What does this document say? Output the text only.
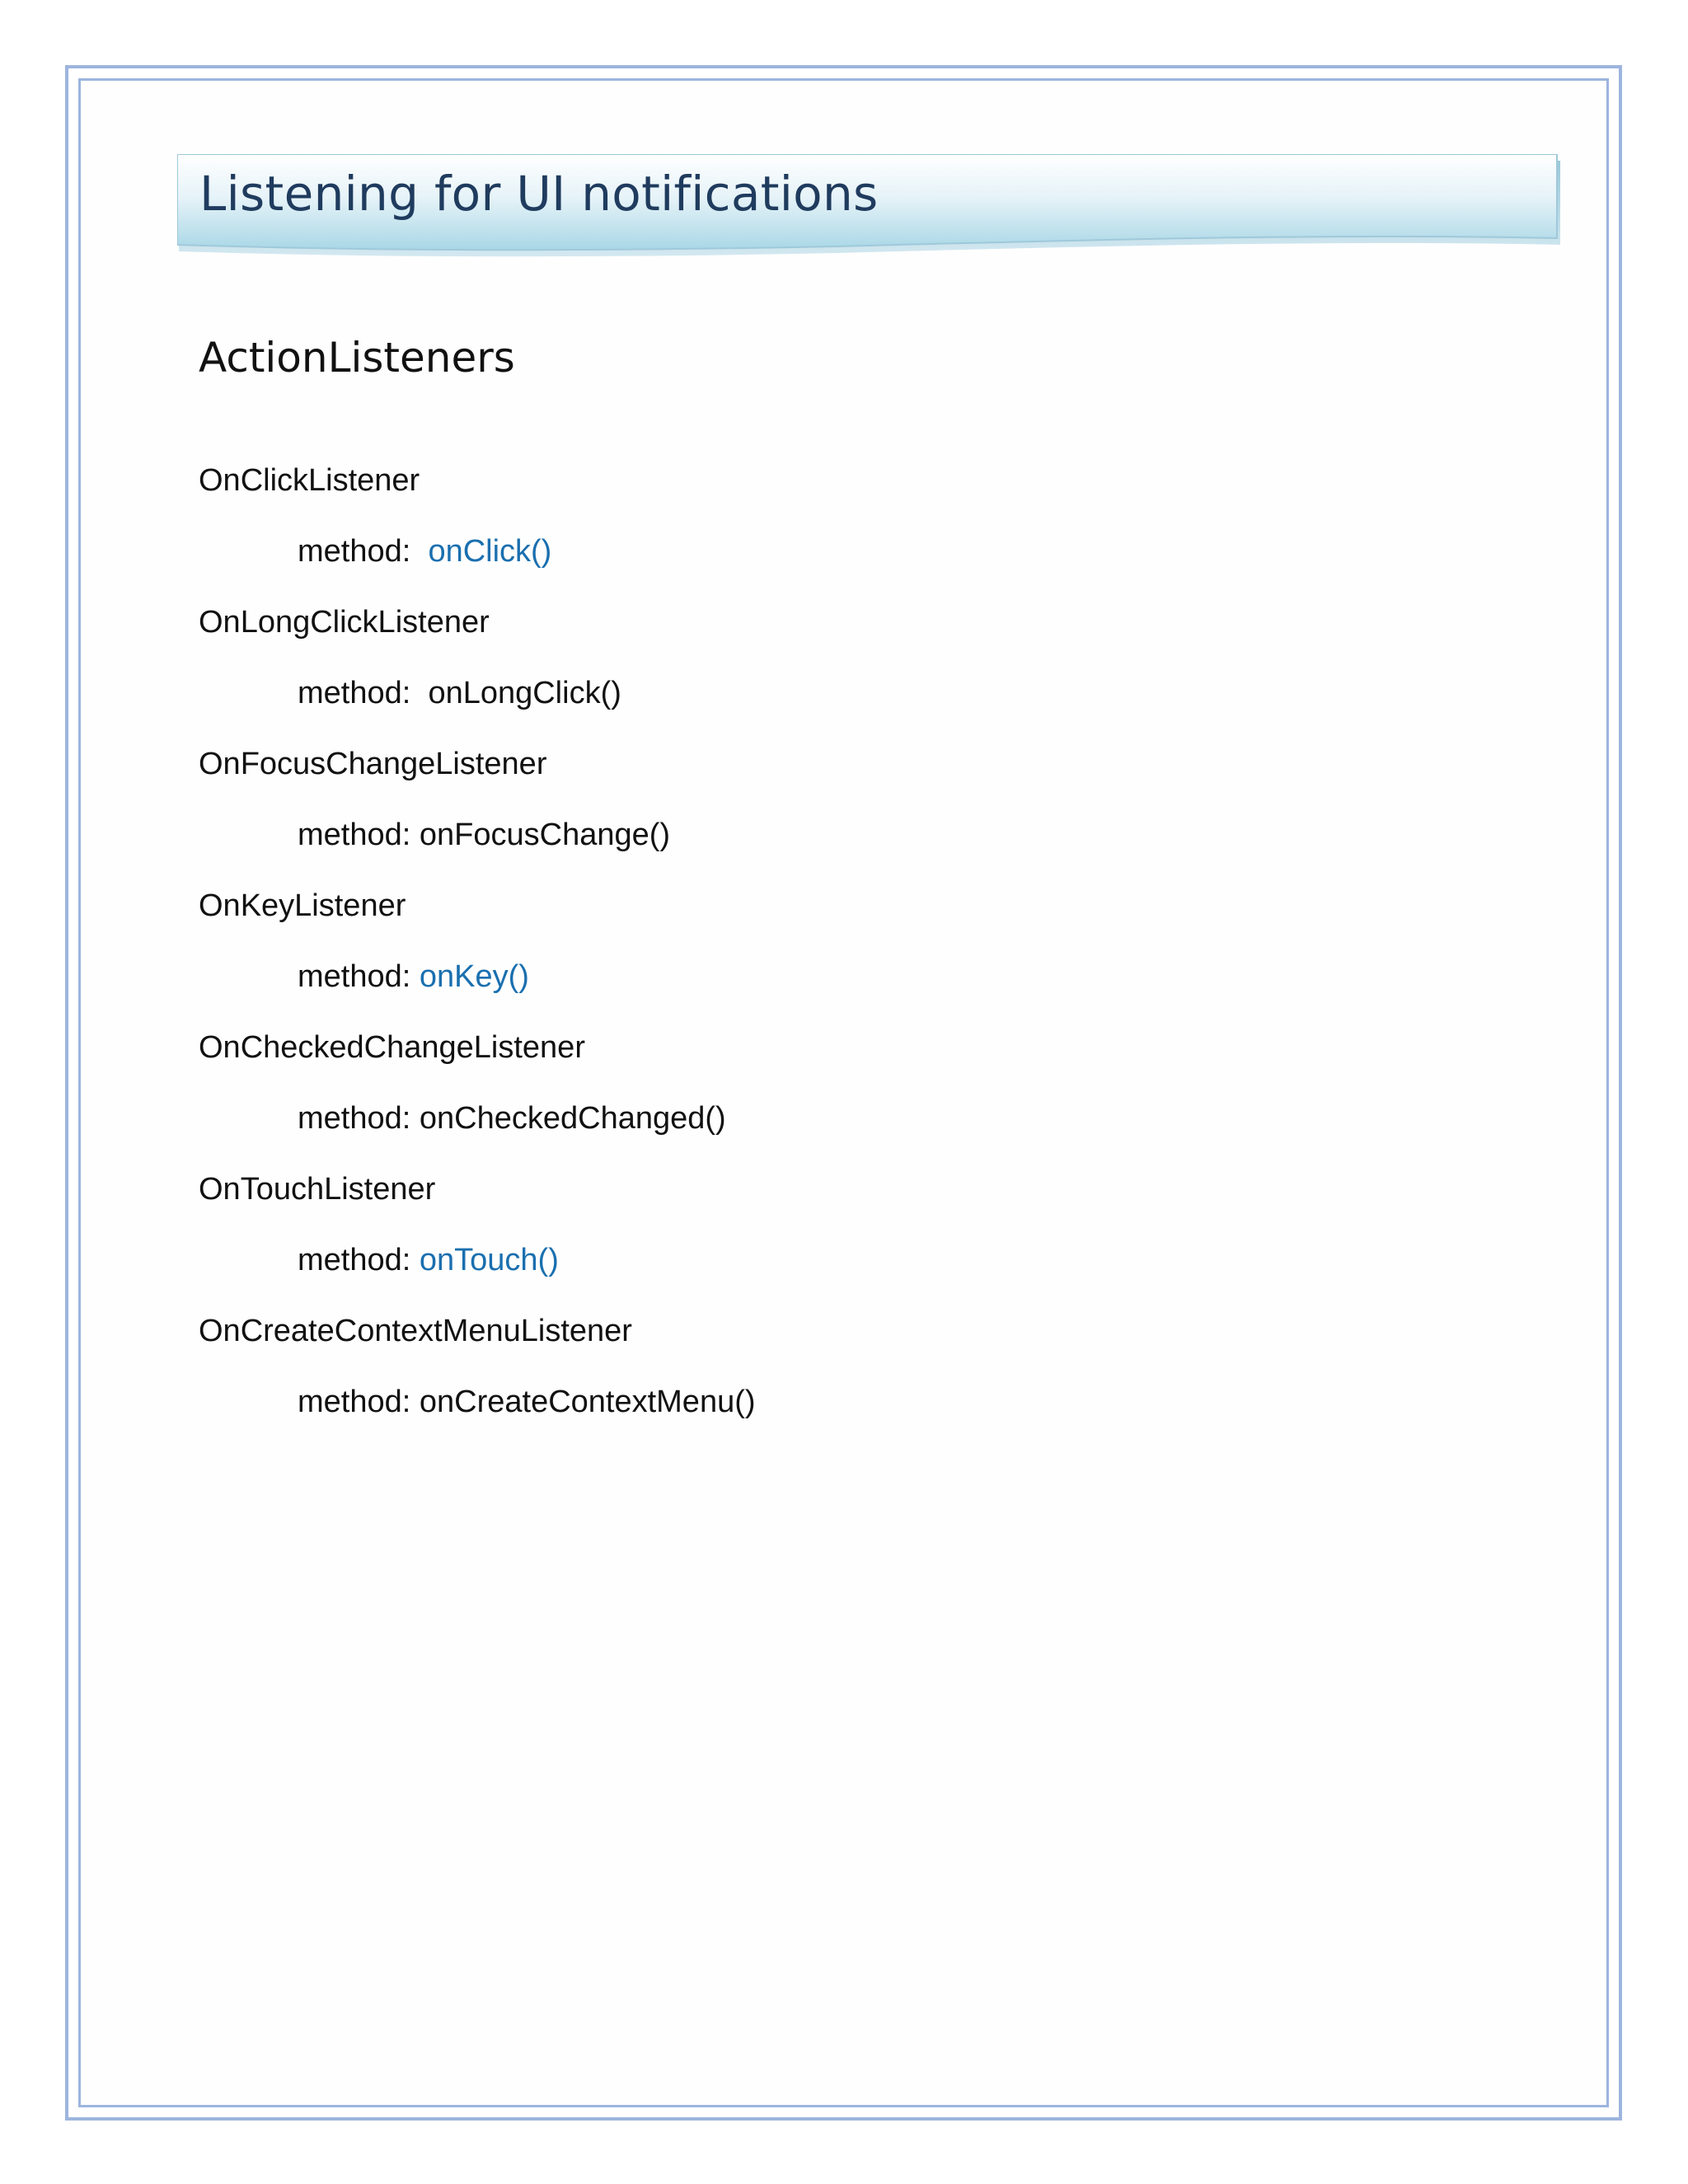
Listening for UI notifications
ActionListeners
OnClickListener
method: onClick()
OnLongClickListener
method: onLongClick()
OnFocusChangeListener
method: onFocusChange()
OnKeyListener
method: onKey()
OnCheckedChangeListener
method: onCheckedChanged()
OnTouchListener
method: onTouch()
OnCreateContextMenuListener
method: onCreateContextMenu()
